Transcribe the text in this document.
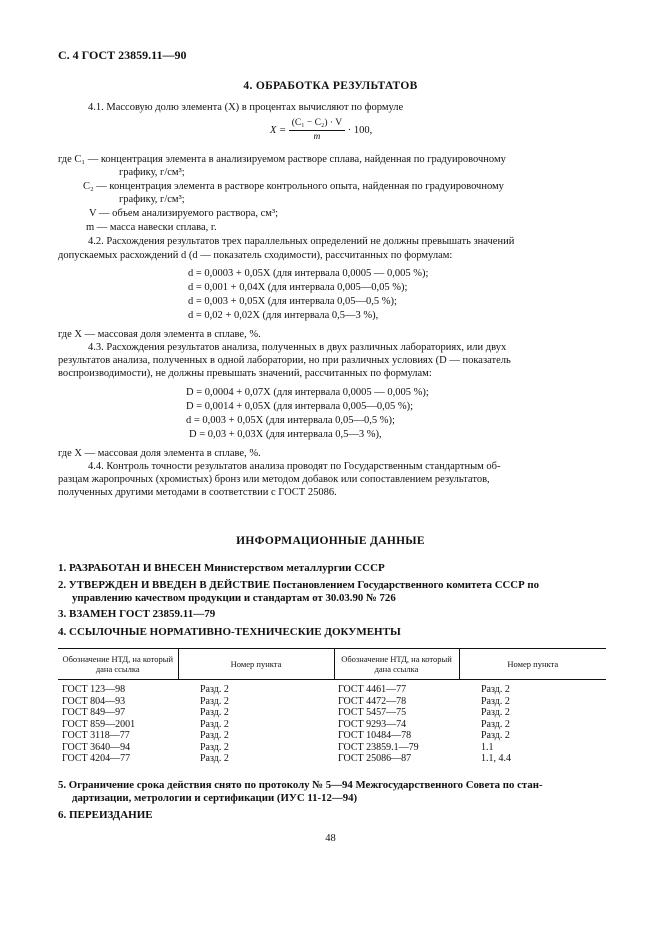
С. 4 ГОСТ 23859.11—90
4. ОБРАБОТКА РЕЗУЛЬТАТОВ
4.1. Массовую долю элемента (X) в процентах вычисляют по формуле
$X = \frac{\text{(C₁ − C₂) · V}}{m} \cdot 100$,
где C₁ — концентрация элемента в анализируемом растворе сплава, найденная по градуировочному
графику, г/см³;
C₂ — концентрация элемента в растворе контрольного опыта, найденная по градуировочному
графику, г/см³;
V — объем анализируемого раствора, см³;
m — масса навески сплава, г.
4.2. Расхождения результатов трех параллельных определений не должны превышать значений
допускаемых расхождений d (d — показатель сходимости), рассчитанных по формулам:
d = 0,0003 + 0,05X (для интервала 0,0005 — 0,005 %);
d = 0,001 + 0,04X (для интервала 0,005—0,05 %);
d = 0,003 + 0,05X (для интервала 0,05—0,5 %);
d = 0,02 + 0,02X (для интервала 0,5—3 %),
где X — массовая доля элемента в сплаве, %.
4.3. Расхождения результатов анализа, полученных в двух различных лабораториях, или двух
результатов анализа, полученных в одной лаборатории, но при различных условиях (D — показатель
воспроизводимости), не должны превышать значений, рассчитанных по формулам:
D = 0,0004 + 0,07X (для интервала 0,0005 — 0,005 %);
D = 0,0014 + 0,05X (для интервала 0,005—0,05 %);
d = 0,003 + 0,05X (для интервала 0,05—0,5 %);
D = 0,03 + 0,03X (для интервала 0,5—3 %),
где X — массовая доля элемента в сплаве, %.
4.4. Контроль точности результатов анализа проводят по Государственным стандартным об-
разцам жаропрочных (хромистых) бронз или методом добавок или сопоставлением результатов,
полученных другими методами в соответствии с ГОСТ 25086.
ИНФОРМАЦИОННЫЕ ДАННЫЕ
1. РАЗРАБОТАН И ВНЕСЕН Министерством металлургии СССР
2. УТВЕРЖДЕН И ВВЕДЕН В ДЕЙСТВИЕ Постановлением Государственного комитета СССР по
управлению качеством продукции и стандартам от 30.03.90 № 726
3. ВЗАМЕН ГОСТ 23859.11—79
4. ССЫЛОЧНЫЕ НОРМАТИВНО-ТЕХНИЧЕСКИЕ ДОКУМЕНТЫ
Обозначение НТД, на который дана ссылка	Номер пункта	Обозначение НТД, на который дана ссылка	Номер пункта
ГОСТ 123—98	Разд. 2	ГОСТ 4461—77	Разд. 2
ГОСТ 804—93	Разд. 2	ГОСТ 4472—78	Разд. 2
ГОСТ 849—97	Разд. 2	ГОСТ 5457—75	Разд. 2
ГОСТ 859—2001	Разд. 2	ГОСТ 9293—74	Разд. 2
ГОСТ 3118—77	Разд. 2	ГОСТ 10484—78	Разд. 2
ГОСТ 3640—94	Разд. 2	ГОСТ 23859.1—79	1.1
ГОСТ 4204—77	Разд. 2	ГОСТ 25086—87	1.1, 4.4
5. Ограничение срока действия снято по протоколу № 5—94 Межгосударственного Совета по стан-
дартизации, метрологии и сертификации (ИУС 11-12—94)
6. ПЕРЕИЗДАНИЕ
48
